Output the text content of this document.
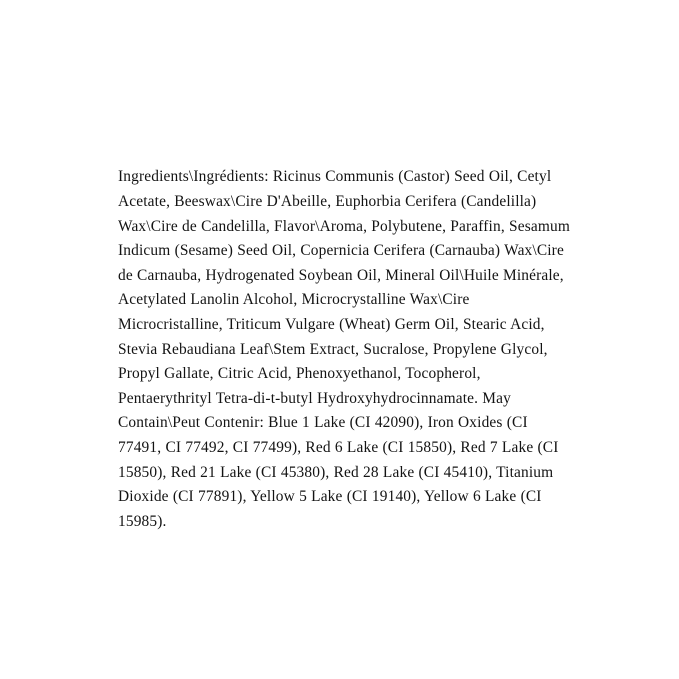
Ingredients\Ingrédients: Ricinus Communis (Castor) Seed Oil, Cetyl Acetate, Beeswax\Cire D'Abeille, Euphorbia Cerifera (Candelilla) Wax\Cire de Candelilla, Flavor\Aroma, Polybutene, Paraffin, Sesamum Indicum (Sesame) Seed Oil, Copernicia Cerifera (Carnauba) Wax\Cire de Carnauba, Hydrogenated Soybean Oil, Mineral Oil\Huile Minérale, Acetylated Lanolin Alcohol, Microcrystalline Wax\Cire Microcristalline, Triticum Vulgare (Wheat) Germ Oil, Stearic Acid, Stevia Rebaudiana Leaf\Stem Extract, Sucralose, Propylene Glycol, Propyl Gallate, Citric Acid, Phenoxyethanol, Tocopherol, Pentaerythrityl Tetra-di-t-butyl Hydroxyhydrocinnamate. May Contain\Peut Contenir: Blue 1 Lake (CI 42090), Iron Oxides (CI 77491, CI 77492, CI 77499), Red 6 Lake (CI 15850), Red 7 Lake (CI 15850), Red 21 Lake (CI 45380), Red 28 Lake (CI 45410), Titanium Dioxide (CI 77891), Yellow 5 Lake (CI 19140), Yellow 6 Lake (CI 15985).
